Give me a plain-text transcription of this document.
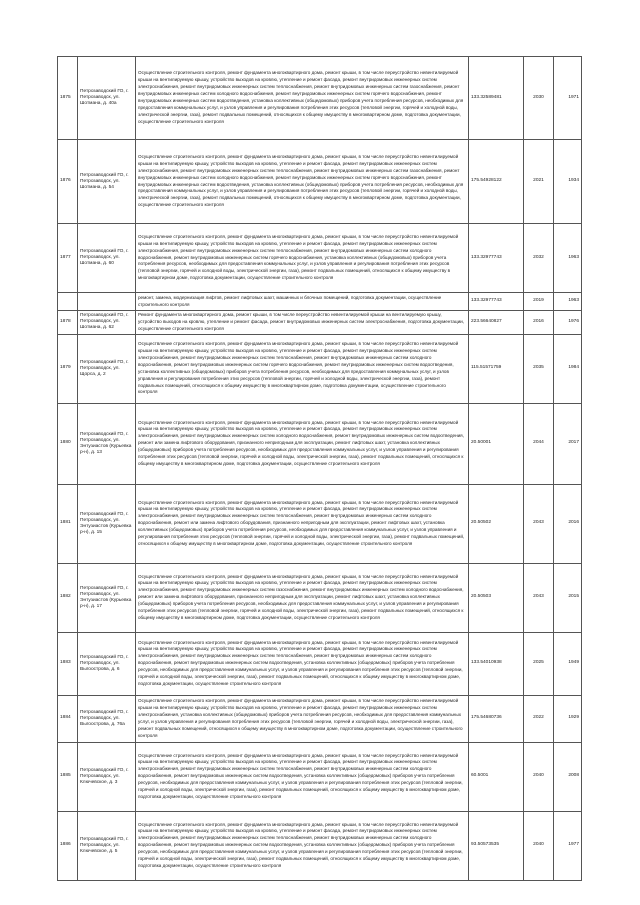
1875	Петрозаводский ГО, г. Петрозаводск, ул. Шотмана, д. 40а	Осуществление строительного контроля, ремонт фундамента многоквартирного дома, ремонт крыши, в том числе переустройство невентилируемой крыши на вентилируемую крышу, устройство выходов на кровлю, утепление и ремонт фасада, ремонт внутридомовых инженерных систем электроснабжения, ремонт внутридомовых инженерных систем теплоснабжения, ремонт внутридомовых инженерных систем газоснабжения, ремонт внутридомовых инженерных систем холодного водоснабжения, ремонт внутридомовых инженерных систем горячего водоснабжения, ремонт внутридомовых инженерных систем водоотведения, установка коллективных (общедомовых) приборов учета потребления ресурсов, необходимых для предоставления коммунальных услуг, и узлов управления и регулирования потребления этих ресурсов (тепловой энергии, горячей и холодной воды, электрической энергии, газа), ремонт подвальных помещений, относящихся к общему имуществу в многоквартирном доме, подготовка документации, осуществление строительного контроля	133.32589481	2030	1971
1876	Петрозаводский ГО, г. Петрозаводск, ул. Шотмана, д. 54	Осуществление строительного контроля, ремонт фундамента многоквартирного дома, ремонт крыши, в том числе переустройство невентилируемой крыши на вентилируемую крышу, устройство выходов на кровлю, утепление и ремонт фасада, ремонт внутридомовых инженерных систем электроснабжения, ремонт внутридомовых инженерных систем теплоснабжения, ремонт внутридомовых инженерных систем газоснабжения, ремонт внутридомовых инженерных систем холодного водоснабжения, ремонт внутридомовых инженерных систем горячего водоснабжения, ремонт внутридомовых инженерных систем водоотведения, установка коллективных (общедомовых) приборов учета потребления ресурсов, необходимых для предоставления коммунальных услуг, и узлов управления и регулирования потребления этих ресурсов (тепловой энергии, горячей и холодной воды, электрической энергии, газа), ремонт подвальных помещений, относящихся к общему имуществу в многоквартирном доме, подготовка документации, осуществление строительного контроля	175.54928122	2021	1934
1877	Петрозаводский ГО, г. Петрозаводск, ул. Шотмана, д. 60	Осуществление строительного контроля, ремонт фундамента многоквартирного дома, ремонт крыши, в том числе переустройство невентилируемой крыши на вентилируемую крышу, устройство выходов на кровлю, утепление и ремонт фасада, ремонт внутридомовых инженерных систем электроснабжения, ремонт внутридомовых инженерных систем теплоснабжения, ремонт внутридомовых инженерных систем холодного водоснабжения, ремонт внутридомовых инженерных систем горячего водоснабжения, установка коллективных (общедомовых) приборов учета потребления ресурсов, необходимых для предоставления коммунальных услуг, и узлов управления и регулирования потребления этих ресурсов (тепловой энергии, горячей и холодной воды, электрической энергии, газа), ремонт подвальных помещений, относящихся к общему имуществу в многоквартирном доме, подготовка документации, осуществление строительного контроля	133.32977743	2032	1963
		ремонт, замена, модернизация лифтов, ремонт лифтовых шахт, машинных и блочных помещений, подготовка документации, осуществление строительного контроля	133.32977743	2019	1963
1878	Петрозаводский ГО, г. Петрозаводск, ул. Шотмана, д. 62	Ремонт фундамента многоквартирного дома, ремонт крыши, в том числе переустройство невентилируемой крыши на вентилируемую крышу, устройство выходов на кровлю, утепление и ремонт фасада, ремонт внутридомовых инженерных систем электроснабжения, подготовка документации, осуществление строительного контроля	223.56640827	2016	1976
1879	Петрозаводский ГО, г. Петрозаводск, ул. Щорса, д. 2	Осуществление строительного контроля, ремонт фундамента многоквартирного дома, ремонт крыши, в том числе переустройство невентилируемой крыши на вентилируемую крышу, устройство выходов на кровлю, утепление и ремонт фасада, ремонт внутридомовых инженерных систем электроснабжения, ремонт внутридомовых инженерных систем теплоснабжения, ремонт внутридомовых инженерных систем холодного водоснабжения, ремонт внутридомовых инженерных систем горячего водоснабжения, ремонт внутридомовых инженерных систем водоотведения, установка коллективных (общедомовых) приборов учета потребления ресурсов, необходимых для предоставления коммунальных услуг, и узлов управления и регулирования потребления этих ресурсов (тепловой энергии, горячей и холодной воды, электрической энергии, газа), ремонт подвальных помещений, относящихся к общему имуществу в многоквартирном доме, подготовка документации, осуществление строительного контроля	115.51571759	2035	1984
1880	Петрозаводский ГО, г. Петрозаводск, ул. Энтузиастов (Курьевка р-н), д. 13	Осуществление строительного контроля, ремонт фундамента многоквартирного дома, ремонт крыши, в том числе переустройство невентилируемой крыши на вентилируемую крышу, устройство выходов на кровлю, утепление и ремонт фасада, ремонт внутридомовых инженерных систем электроснабжения, ремонт внутридомовых инженерных систем холодного водоснабжения, ремонт внутридомовых инженерных систем водоотведения, ремонт или замена лифтового оборудования, признанного непригодным для эксплуатации, ремонт лифтовых шахт, установка коллективных (общедомовых) приборов учета потребления ресурсов, необходимых для предоставления коммунальных услуг, и узлов управления и регулирования потребления этих ресурсов (тепловой энергии, горячей и холодной воды, электрической энергии, газа), ремонт подвальных помещений, относящихся к общему имуществу в многоквартирном доме, подготовка документации, осуществление строительного контроля	20.50001	2044	2017
1881	Петрозаводский ГО, г. Петрозаводск, ул. Энтузиастов (Курьевка р-н), д. 15	Осуществление строительного контроля, ремонт фундамента многоквартирного дома, ремонт крыши, в том числе переустройство невентилируемой крыши на вентилируемую крышу, устройство выходов на кровлю, утепление и ремонт фасада, ремонт внутридомовых инженерных систем электроснабжения, ремонт внутридомовых инженерных систем теплоснабжения, ремонт внутридомовых инженерных систем холодного водоснабжения, ремонт или замена лифтового оборудования, признанного непригодным для эксплуатации, ремонт лифтовых шахт, установка коллективных (общедомовых) приборов учета потребления ресурсов, необходимых для предоставления коммунальных услуг, и узлов управления и регулирования потребления этих ресурсов (тепловой энергии, горячей и холодной воды, электрической энергии, газа), ремонт подвальных помещений, относящихся к общему имуществу в многоквартирном доме, подготовка документации, осуществление строительного контроля	20.50502	2043	2016
1882	Петрозаводский ГО, г. Петрозаводск, ул. Энтузиастов (Курьевка р-н), д. 17	Осуществление строительного контроля, ремонт фундамента многоквартирного дома, ремонт крыши, в том числе переустройство невентилируемой крыши на вентилируемую крышу, устройство выходов на кровлю, утепление и ремонт фасада, ремонт внутридомовых инженерных систем электроснабжения, ремонт внутридомовых инженерных систем газоснабжения, ремонт внутридомовых инженерных систем холодного водоснабжения, ремонт или замена лифтового оборудования, признанного непригодным для эксплуатации, ремонт лифтовых шахт, установка коллективных (общедомовых) приборов учета потребления ресурсов, необходимых для предоставления коммунальных услуг, и узлов управления и регулирования потребления этих ресурсов (тепловой энергии, горячей и холодной воды, электрической энергии, газа), ремонт подвальных помещений, относящихся к общему имуществу в многоквартирном доме, подготовка документации, осуществление строительного контроля	20.50503	2043	2015
1883	Петрозаводский ГО, г. Петрозаводск, ул. Выгоострова, д. 6	Осуществление строительного контроля, ремонт фундамента многоквартирного дома, ремонт крыши, в том числе переустройство невентилируемой крыши на вентилируемую крышу, устройство выходов на кровлю, утепление и ремонт фасада, ремонт внутридомовых инженерных систем электроснабжения, ремонт внутридомовых инженерных систем теплоснабжения, ремонт внутридомовых инженерных систем холодного водоснабжения, ремонт внутридомовых инженерных систем водоотведения, установка коллективных (общедомовых) приборов учета потребления ресурсов, необходимых для предоставления коммунальных услуг, и узлов управления и регулирования потребления этих ресурсов (тепловой энергии, горячей и холодной воды, электрической энергии, газа), ремонт подвальных помещений, относящихся к общему имуществу в многоквартирном доме, подготовка документации, осуществление строительного контроля	133.54010938	2025	1949
1884	Петрозаводский ГО, г. Петрозаводск, ул. Выгоострова, д. 76а	Осуществление строительного контроля, ремонт фундамента многоквартирного дома, ремонт крыши, в том числе переустройство невентилируемой крыши на вентилируемую крышу, устройство выходов на кровлю, утепление и ремонт фасада, ремонт внутридомовых инженерных систем электроснабжения, установка коллективных (общедомовых) приборов учета потребления ресурсов, необходимых для предоставления коммунальных услуг, и узлов управления и регулирования потребления этих ресурсов (тепловой энергии, горячей и холодной воды, электрической энергии, газа), ремонт подвальных помещений, относящихся к общему имуществу в многоквартирном доме, подготовка документации, осуществление строительного контроля	175.54680736	2022	1929
1885	Петрозаводский ГО, г. Петрозаводск, ул. Ключевское, д. 3	Осуществление строительного контроля, ремонт фундамента многоквартирного дома, ремонт крыши, в том числе переустройство невентилируемой крыши на вентилируемую крышу, устройство выходов на кровлю, утепление и ремонт фасада, ремонт внутридомовых инженерных систем электроснабжения, ремонт внутридомовых инженерных систем теплоснабжения, ремонт внутридомовых инженерных систем холодного водоснабжения, ремонт внутридомовых инженерных систем водоотведения, установка коллективных (общедомовых) приборов учета потребления ресурсов, необходимых для предоставления коммунальных услуг, и узлов управления и регулирования потребления этих ресурсов (тепловой энергии, горячей и холодной воды, электрической энергии, газа), ремонт подвальных помещений, относящихся к общему имуществу в многоквартирном доме, подготовка документации, осуществление строительного контроля	60.5001	2040	2008
1886	Петрозаводский ГО, г. Петрозаводск, ул. Ключевское, д. 5	Осуществление строительного контроля, ремонт фундамента многоквартирного дома, ремонт крыши, в том числе переустройство невентилируемой крыши на вентилируемую крышу, устройство выходов на кровлю, утепление и ремонт фасада, ремонт внутридомовых инженерных систем электроснабжения, ремонт внутридомовых инженерных систем теплоснабжения, ремонт внутридомовых инженерных систем холодного водоснабжения, ремонт внутридомовых инженерных систем водоотведения, установка коллективных (общедомовых) приборов учета потребления ресурсов, необходимых для предоставления коммунальных услуг, и узлов управления и регулирования потребления этих ресурсов (тепловой энергии, горячей и холодной воды, электрической энергии, газа), ремонт подвальных помещений, относящихся к общему имуществу в многоквартирном доме, подготовка документации, осуществление строительного контроля	93.50573535	2040	1977
